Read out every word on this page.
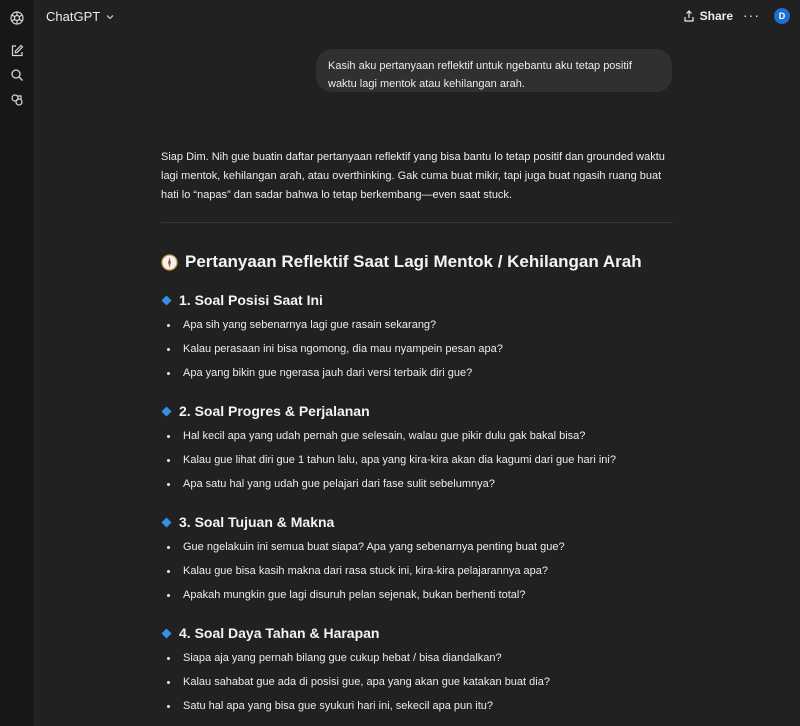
ChatGPT	Share ···	D
Kasih aku pertanyaan reflektif untuk ngebantu aku tetap positif waktu lagi mentok atau kehilangan arah.

Siap Dim. Nih gue buatin daftar pertanyaan reflektif yang bisa bantu lo tetap positif dan grounded waktu lagi mentok, kehilangan arah, atau overthinking. Gak cuma buat mikir, tapi juga buat ngasih ruang buat hati lo “napas” dan sadar bahwa lo tetap berkembang—even saat stuck.

Pertanyaan Reflektif Saat Lagi Mentok / Kehilangan Arah
1. Soal Posisi Saat Ini
Apa sih yang sebenarnya lagi gue rasain sekarang?
Kalau perasaan ini bisa ngomong, dia mau nyampein pesan apa?
Apa yang bikin gue ngerasa jauh dari versi terbaik diri gue?
2. Soal Progres & Perjalanan
Hal kecil apa yang udah pernah gue selesain, walau gue pikir dulu gak bakal bisa?
Kalau gue lihat diri gue 1 tahun lalu, apa yang kira-kira akan dia kagumi dari gue hari ini?
Apa satu hal yang udah gue pelajari dari fase sulit sebelumnya?
3. Soal Tujuan & Makna
Gue ngelakuin ini semua buat siapa? Apa yang sebenarnya penting buat gue?
Kalau gue bisa kasih makna dari rasa stuck ini, kira-kira pelajarannya apa?
Apakah mungkin gue lagi disuruh pelan sejenak, bukan berhenti total?
4. Soal Daya Tahan & Harapan
Siapa aja yang pernah bilang gue cukup hebat / bisa diandalkan?
Kalau sahabat gue ada di posisi gue, apa yang akan gue katakan buat dia?
Satu hal apa yang bisa gue syukuri hari ini, sekecil apa pun itu?
